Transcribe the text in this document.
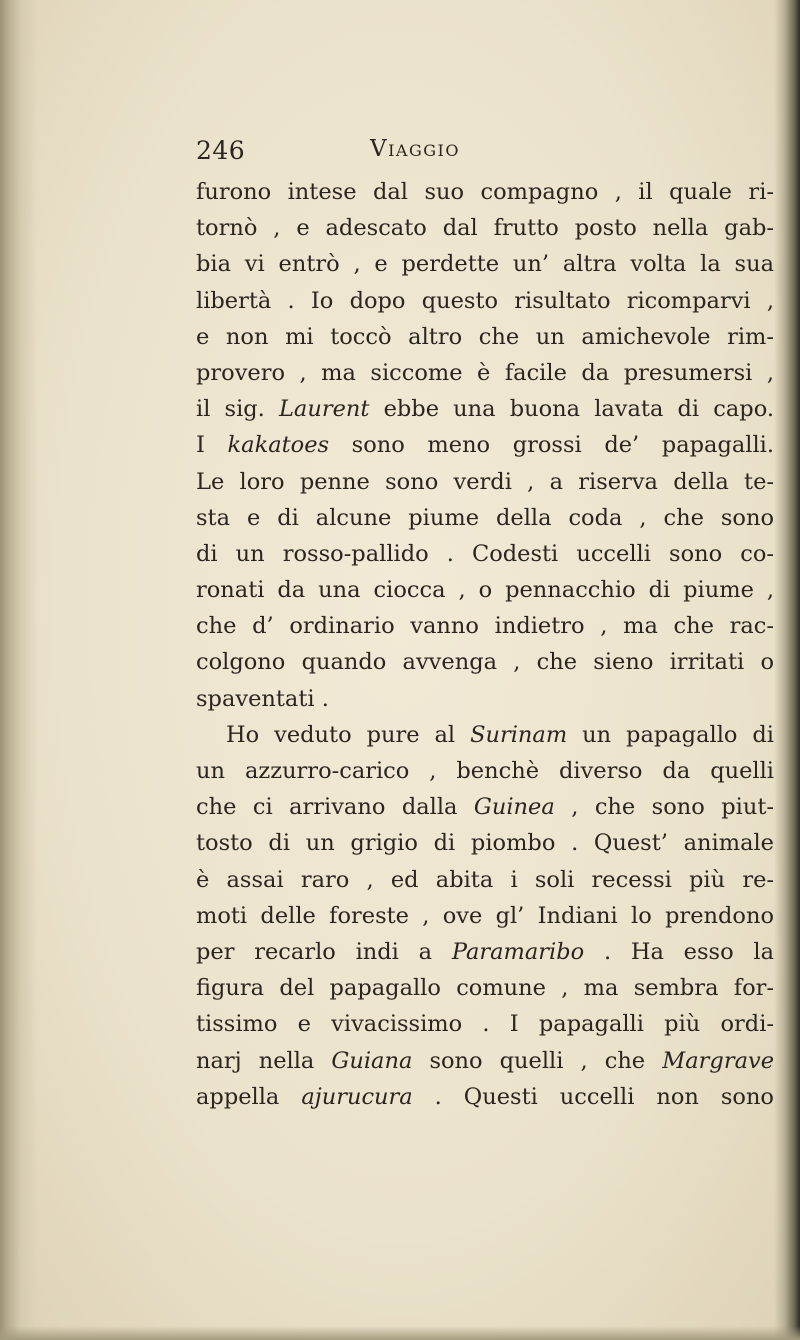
246	Viaggio
furono intese dal suo compagno , il quale ri-
tornò , e adescato dal frutto posto nella gab-
bia vi entrò , e perdette un’ altra volta la sua
libertà . Io dopo questo risultato ricomparvi ,
e non mi toccò altro che un amichevole rim-
provero , ma siccome è facile da presumersi ,
il sig. Laurent ebbe una buona lavata di capo.
I kakatoes sono meno grossi de’ papagalli.
Le loro penne sono verdi , a riserva della te-
sta e di alcune piume della coda , che sono
di un rosso-pallido . Codesti uccelli sono co-
ronati da una ciocca , o pennacchio di piume ,
che d’ ordinario vanno indietro , ma che rac-
colgono quando avvenga , che sieno irritati o
spaventati .
Ho veduto pure al Surinam un papagallo di
un azzurro-carico , benchè diverso da quelli
che ci arrivano dalla Guinea , che sono piut-
tosto di un grigio di piombo . Quest’ animale
è assai raro , ed abita i soli recessi più re-
moti delle foreste , ove gl’ Indiani lo prendono
per recarlo indi a Paramaribo . Ha esso la
figura del papagallo comune , ma sembra for-
tissimo e vivacissimo . I papagalli più ordi-
narj nella Guiana sono quelli , che Margrave
appella ajurucura . Questi uccelli non sono
